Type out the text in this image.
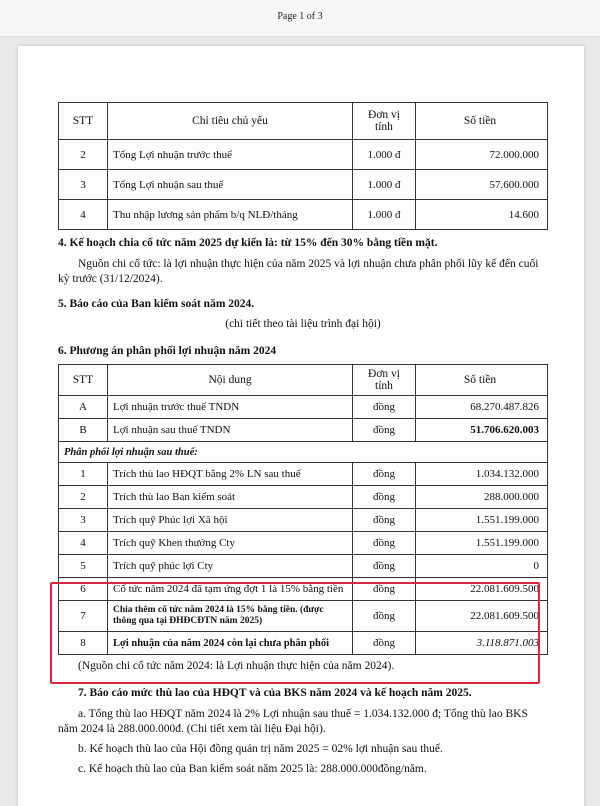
Page 1 of 3
STT	Chỉ tiêu chủ yếu	Đơn vị tính	Số tiền
2	Tổng Lợi nhuận trước thuế	1.000 đ	72.000.000
3	Tổng Lợi nhuận sau thuế	1.000 đ	57.600.000
4	Thu nhập lương sản phẩm b/q NLĐ/tháng	1.000 đ	14.600

4. Kế hoạch chia cổ tức năm 2025 dự kiến là: từ 15% đến 30% bằng tiền mặt.

Nguồn chi cổ tức: là lợi nhuận thực hiện của năm 2025 và lợi nhuận chưa phân phối lũy kế đến cuối kỳ trước (31/12/2024).

5. Báo cáo của Ban kiểm soát năm 2024.

(chi tiết theo tài liệu trình đại hội)

6. Phương án phân phối lợi nhuận năm 2024

STT	Nội dung	Đơn vị tính	Số tiền
A	Lợi nhuận trước thuế TNDN	đồng	68.270.487.826
B	Lợi nhuận sau thuế TNDN	đồng	51.706.620.003
Phân phối lợi nhuận sau thuế:			
1	Trích thù lao HĐQT bằng 2% LN sau thuế	đồng	1.034.132.000
2	Trích thù lao Ban kiểm soát	đồng	288.000.000
3	Trích quỹ Phúc lợi Xã hội	đồng	1.551.199.000
4	Trích quỹ Khen thưởng Cty	đồng	1.551.199.000
5	Trích quỹ phúc lợi Cty	đồng	0
6	Cổ tức năm 2024 đã tạm ứng đợt 1 là 15% bằng tiền	đồng	22.081.609.500
7	Chia thêm cổ tức năm 2024 là 15% bằng tiền. (được thông qua tại ĐHĐCĐTN năm 2025)	đồng	22.081.609.500
8	Lợi nhuận của năm 2024 còn lại chưa phân phối	đồng	3.118.871.003

(Nguồn chi cổ tức năm 2024: là Lợi nhuận thực hiện của năm 2024).

7. Báo cáo mức thù lao của HĐQT và của BKS năm 2024 và kế hoạch năm 2025.

a. Tổng thù lao HĐQT năm 2024 là 2% Lợi nhuận sau thuế = 1.034.132.000 đ; Tổng thù lao BKS năm 2024 là 288.000.000đ. (Chi tiết xem tài liệu Đại hội).

b. Kế hoạch thù lao của Hội đồng quản trị năm 2025 = 02% lợi nhuận sau thuế.

c. Kế hoạch thù lao của Ban kiểm soát năm 2025 là: 288.000.000đồng/năm.
